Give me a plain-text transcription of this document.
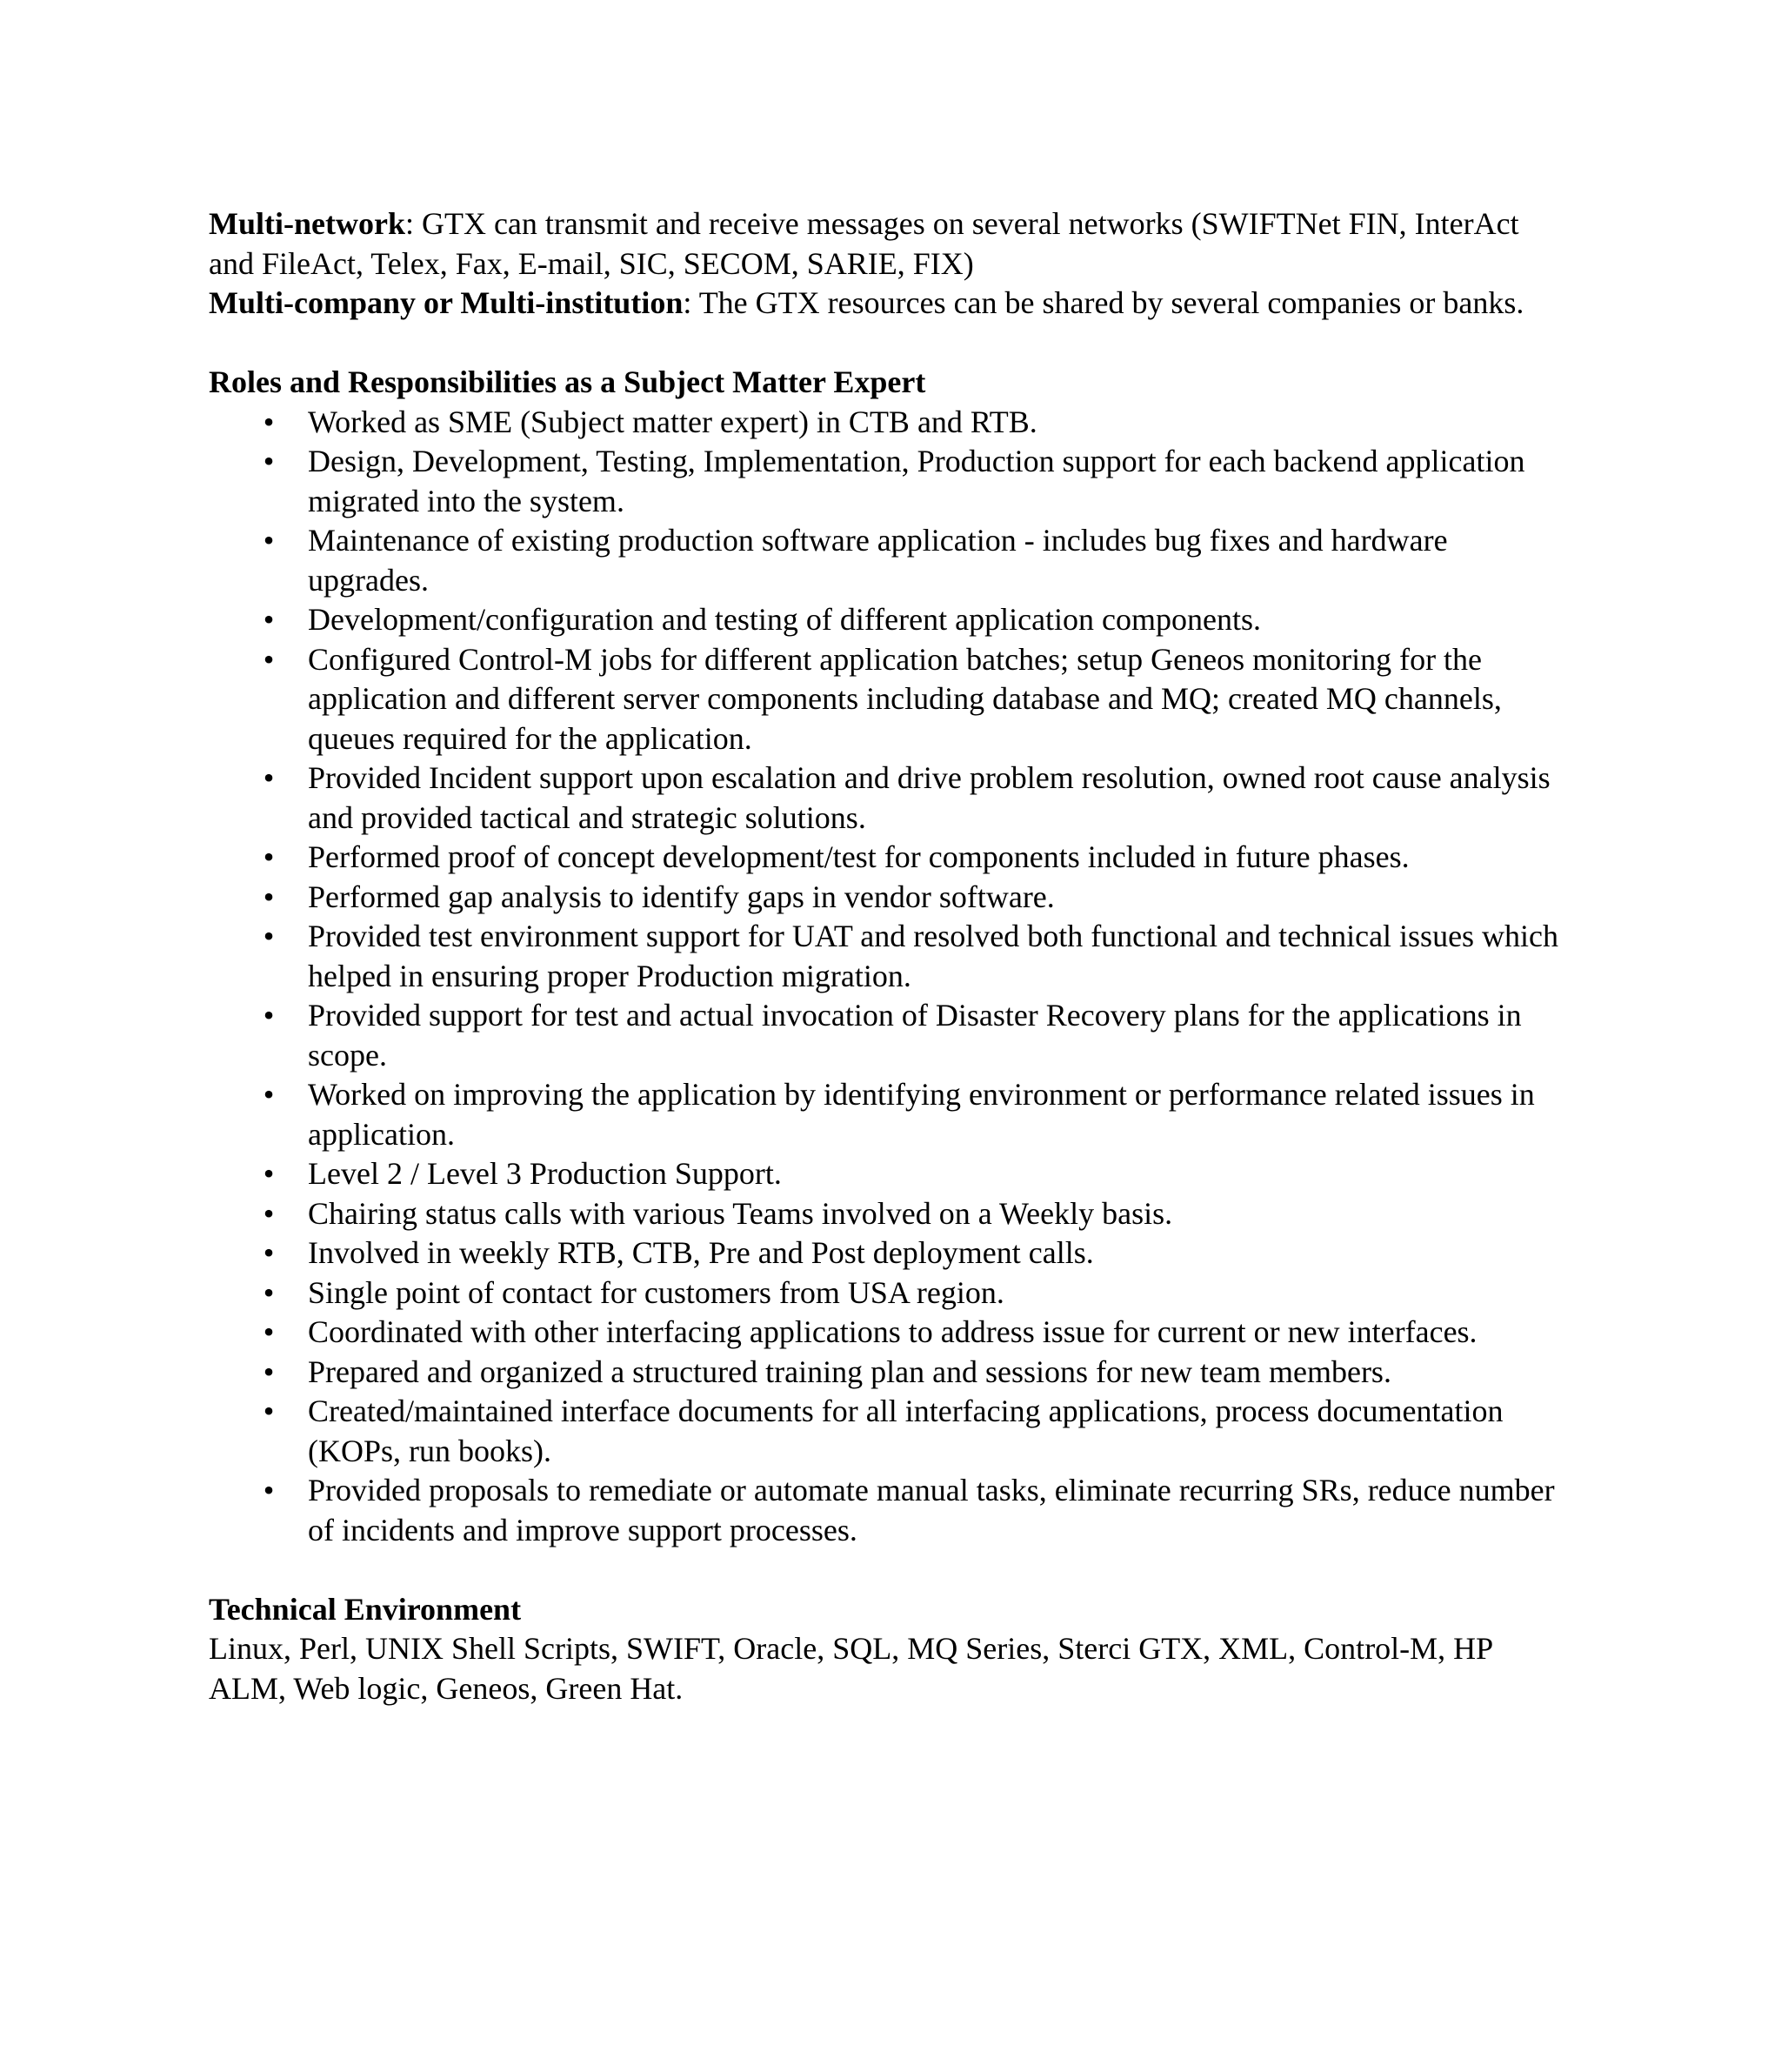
Multi-network: GTX can transmit and receive messages on several networks (SWIFTNet FIN, InterAct and FileAct, Telex, Fax, E-mail, SIC, SECOM, SARIE, FIX)

Multi-company or Multi-institution: The GTX resources can be shared by several companies or banks.

Roles and Responsibilities as a Subject Matter Expert

• Worked as SME (Subject matter expert) in CTB and RTB.
• Design, Development, Testing, Implementation, Production support for each backend application migrated into the system.
• Maintenance of existing production software application - includes bug fixes and hardware upgrades.
• Development/configuration and testing of different application components.
• Configured Control-M jobs for different application batches; setup Geneos monitoring for the application and different server components including database and MQ; created MQ channels, queues required for the application.
• Provided Incident support upon escalation and drive problem resolution, owned root cause analysis and provided tactical and strategic solutions.
• Performed proof of concept development/test for components included in future phases.
• Performed gap analysis to identify gaps in vendor software.
• Provided test environment support for UAT and resolved both functional and technical issues which helped in ensuring proper Production migration.
• Provided support for test and actual invocation of Disaster Recovery plans for the applications in scope.
• Worked on improving the application by identifying environment or performance related issues in application.
• Level 2 / Level 3 Production Support.
• Chairing status calls with various Teams involved on a Weekly basis.
• Involved in weekly RTB, CTB, Pre and Post deployment calls.
• Single point of contact for customers from USA region.
• Coordinated with other interfacing applications to address issue for current or new interfaces.
• Prepared and organized a structured training plan and sessions for new team members.
• Created/maintained interface documents for all interfacing applications, process documentation (KOPs, run books).
• Provided proposals to remediate or automate manual tasks, eliminate recurring SRs, reduce number of incidents and improve support processes.

Technical Environment

Linux, Perl, UNIX Shell Scripts, SWIFT, Oracle, SQL, MQ Series, Sterci GTX, XML, Control-M, HP ALM, Web logic, Geneos, Green Hat.
